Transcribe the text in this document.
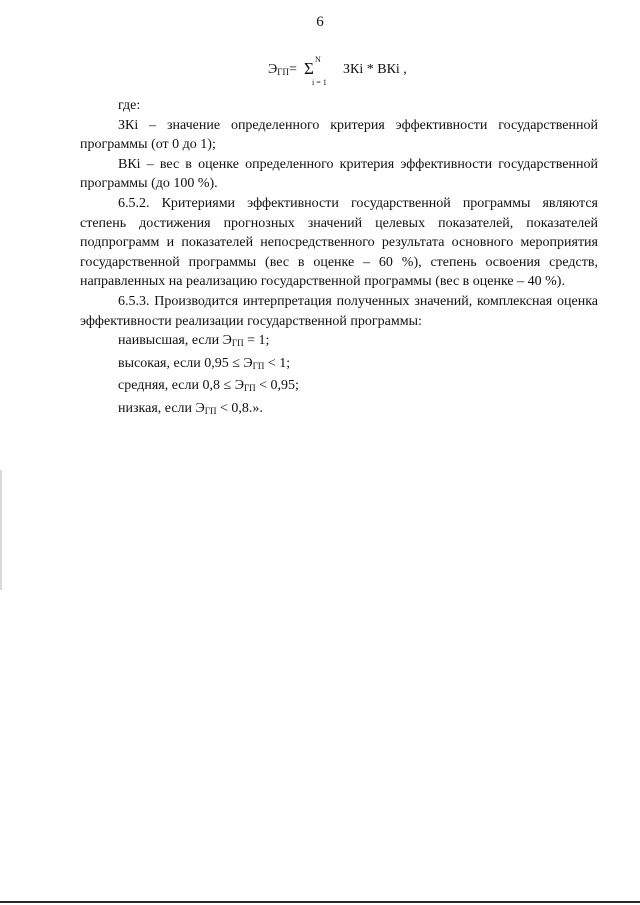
6
$Э_{ГП}= \Sigma$ N
i = 1
ЗКi * ВКi ,

где:

ЗКi – значение определенного критерия эффективности государственной программы (от 0 до 1);

ВКi – вес в оценке определенного критерия эффективности государственной программы (до 100 %).

6.5.2. Критериями эффективности государственной программы являются степень достижения прогнозных значений целевых показателей, показателей подпрограмм и показателей непосредственного результата основного мероприятия государственной программы (вес в оценке – 60 %), степень освоения средств, направленных на реализацию государственной программы (вес в оценке – 40 %).

6.5.3. Производится интерпретация полученных значений, комплексная оценка эффективности реализации государственной программы:

наивысшая, если $Э_{ГП} = 1$;

высокая, если $0,95 \le Э_{ГП} < 1$;

средняя, если $0,8 \le Э_{ГП} < 0,95$;

низкая, если $Э_{ГП} < 0,8$.».
